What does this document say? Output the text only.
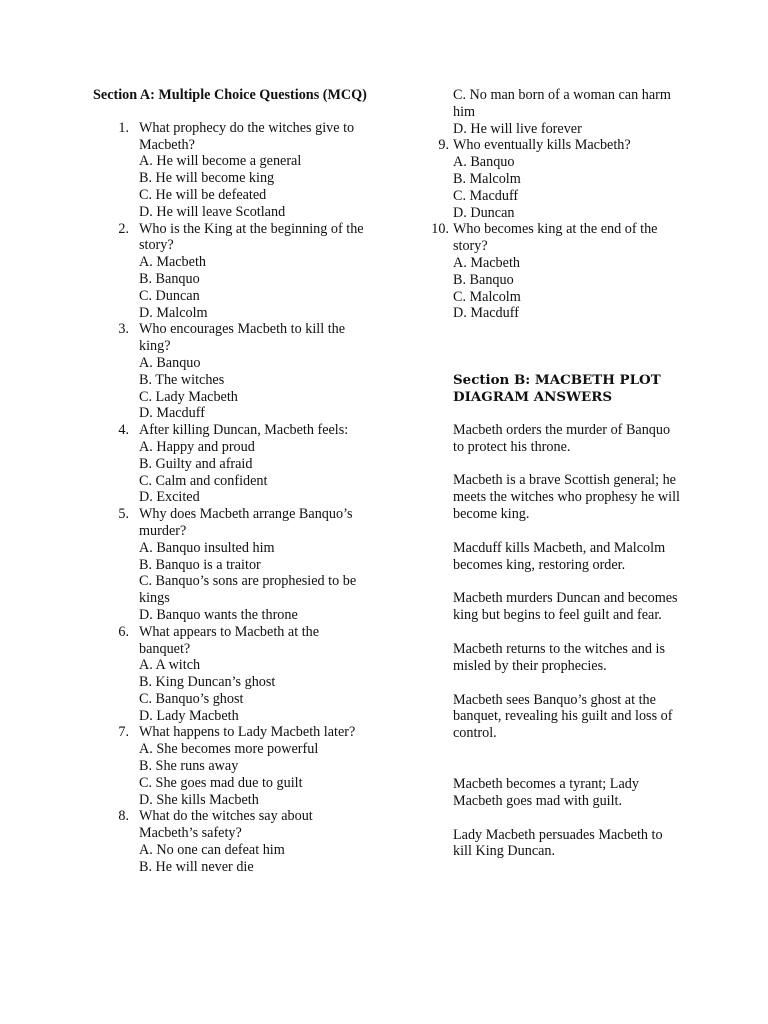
Section A: Multiple Choice Questions (MCQ)
1. What prophecy do the witches give to Macbeth?
A. He will become a general
B. He will become king
C. He will be defeated
D. He will leave Scotland
2. Who is the King at the beginning of the story?
A. Macbeth
B. Banquo
C. Duncan
D. Malcolm
3. Who encourages Macbeth to kill the king?
A. Banquo
B. The witches
C. Lady Macbeth
D. Macduff
4. After killing Duncan, Macbeth feels:
A. Happy and proud
B. Guilty and afraid
C. Calm and confident
D. Excited
5. Why does Macbeth arrange Banquo’s murder?
A. Banquo insulted him
B. Banquo is a traitor
C. Banquo’s sons are prophesied to be kings
D. Banquo wants the throne
6. What appears to Macbeth at the banquet?
A. A witch
B. King Duncan’s ghost
C. Banquo’s ghost
D. Lady Macbeth
7. What happens to Lady Macbeth later?
A. She becomes more powerful
B. She runs away
C. She goes mad due to guilt
D. She kills Macbeth
8. What do the witches say about Macbeth’s safety?
A. No one can defeat him
B. He will never die
C. No man born of a woman can harm him
D. He will live forever
9. Who eventually kills Macbeth?
A. Banquo
B. Malcolm
C. Macduff
D. Duncan
10. Who becomes king at the end of the story?
A. Macbeth
B. Banquo
C. Malcolm
D. Macduff
Section B: MACBETH PLOT DIAGRAM ANSWERS

Macbeth orders the murder of Banquo to protect his throne.

Macbeth is a brave Scottish general; he meets the witches who prophesy he will become king.

Macduff kills Macbeth, and Malcolm becomes king, restoring order.

Macbeth murders Duncan and becomes king but begins to feel guilt and fear.

Macbeth returns to the witches and is misled by their prophecies.

Macbeth sees Banquo’s ghost at the banquet, revealing his guilt and loss of control.

Macbeth becomes a tyrant; Lady Macbeth goes mad with guilt.

Lady Macbeth persuades Macbeth to kill King Duncan.
